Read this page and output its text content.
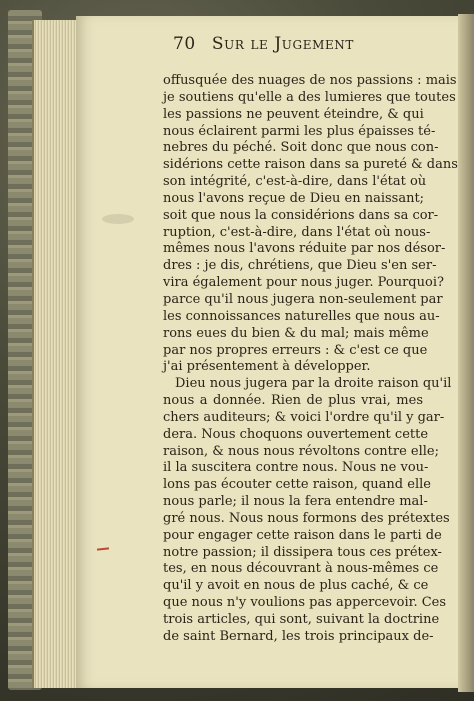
70 Sur le Jugement
offusquée des nuages de nos passions : mais
je soutiens qu'elle a des lumieres que toutes
les passions ne peuvent éteindre, & qui
nous éclairent parmi les plus épaisses té-
nebres du péché. Soit donc que nous con-
sidérions cette raison dans sa pureté & dans
son intégrité, c'est-à-dire, dans l'état où
nous l'avons reçue de Dieu en naissant;
soit que nous la considérions dans sa cor-
ruption, c'est-à-dire, dans l'état où nous-
mêmes nous l'avons réduite par nos désor-
dres : je dis, chrétiens, que Dieu s'en ser-
vira également pour nous juger. Pourquoi?
parce qu'il nous jugera non-seulement par
les connoissances naturelles que nous au-
rons eues du bien & du mal; mais même
par nos propres erreurs : & c'est ce que
j'ai présentement à développer.
Dieu nous jugera par la droite raison qu'il
nous a donnée. Rien de plus vrai, mes
chers auditeurs; & voici l'ordre qu'il y gar-
dera. Nous choquons ouvertement cette
raison, & nous nous révoltons contre elle;
il la suscitera contre nous. Nous ne vou-
lons pas écouter cette raison, quand elle
nous parle; il nous la fera entendre mal-
gré nous. Nous nous formons des prétextes
pour engager cette raison dans le parti de
notre passion; il dissipera tous ces prétex-
tes, en nous découvrant à nous-mêmes ce
qu'il y avoit en nous de plus caché, & ce
que nous n'y voulions pas appercevoir. Ces
trois articles, qui sont, suivant la doctrine
de saint Bernard, les trois principaux de-
